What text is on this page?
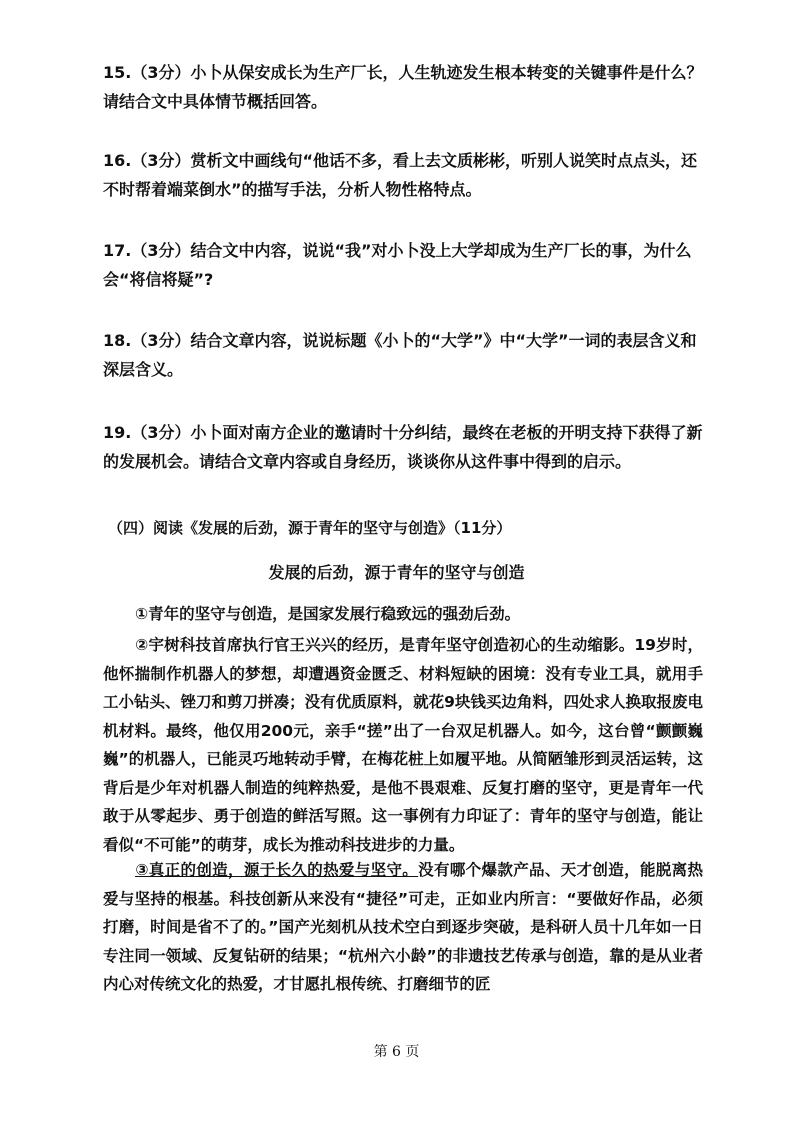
15.（3分）小卜从保安成长为生产厂长，人生轨迹发生根本转变的关键事件是什么？请结合文中具体情节概括回答。

16.（3分）赏析文中画线句“他话不多，看上去文质彬彬，听别人说笑时点点头，还不时帮着端菜倒水”的描写手法，分析人物性格特点。

17.（3分）结合文中内容，说说“我”对小卜没上大学却成为生产厂长的事，为什么会“将信将疑”?

18.（3分）结合文章内容，说说标题《小卜的“大学”》中“大学”一词的表层含义和深层含义。

19.（3分）小卜面对南方企业的邀请时十分纠结，最终在老板的开明支持下获得了新的发展机会。请结合文章内容或自身经历，谈谈你从这件事中得到的启示。

（四）阅读《发展的后劲，源于青年的坚守与创造》（11分）

发展的后劲，源于青年的坚守与创造

①青年的坚守与创造，是国家发展行稳致远的强劲后劲。

②宇树科技首席执行官王兴兴的经历，是青年坚守创造初心的生动缩影。19岁时，他怀揣制作机器人的梦想，却遭遇资金匮乏、材料短缺的困境：没有专业工具，就用手工小钻头、锉刀和剪刀拼凑；没有优质原料，就花9块钱买边角料，四处求人换取报废电机材料。最终，他仅用200元，亲手“搓”出了一台双足机器人。如今，这台曾“颤颤巍巍”的机器人，已能灵巧地转动手臂，在梅花桩上如履平地。从简陋雏形到灵活运转，这背后是少年对机器人制造的纯粹热爱，是他不畏艰难、反复打磨的坚守，更是青年一代敢于从零起步、勇于创造的鲜活写照。这一事例有力印证了：青年的坚守与创造，能让看似“不可能”的萌芽，成长为推动科技进步的力量。

③真正的创造，源于长久的热爱与坚守。没有哪个爆款产品、天才创造，能脱离热爱与坚持的根基。科技创新从来没有“捷径”可走，正如业内所言：“要做好作品，必须打磨，时间是省不了的。”国产光刻机从技术空白到逐步突破，是科研人员十几年如一日专注同一领域、反复钻研的结果；“杭州六小龄”的非遗技艺传承与创造，靠的是从业者内心对传统文化的热爱，才甘愿扎根传统、打磨细节的匠

第 6 页
